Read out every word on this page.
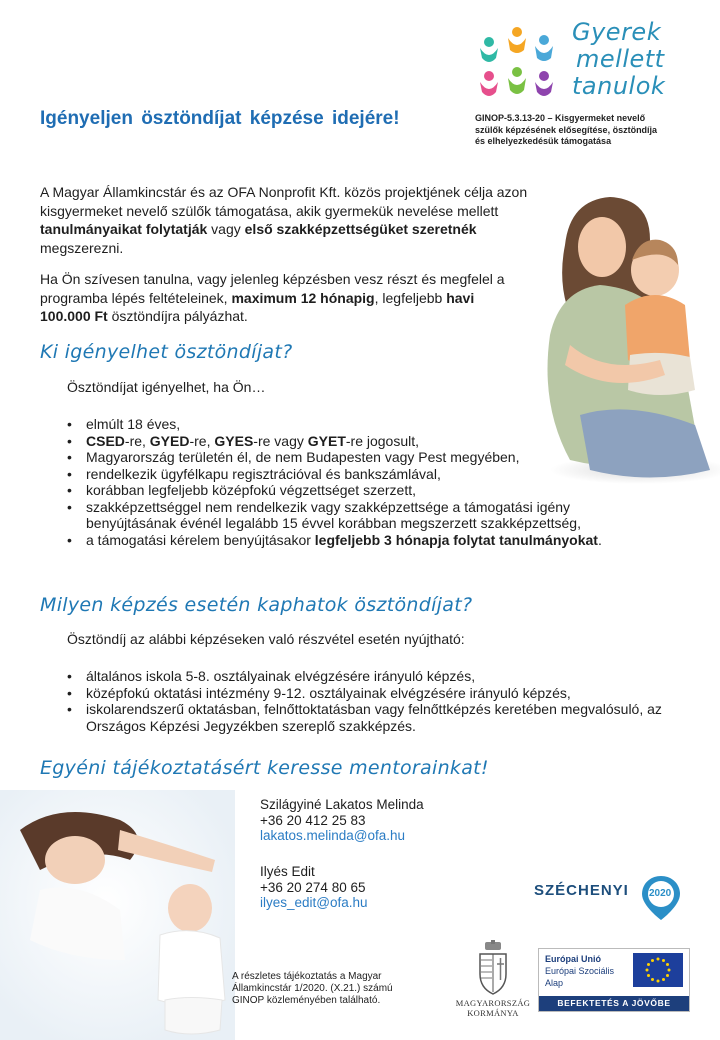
Gyerek
mellett
tanulok
Igényeljen ösztöndíjat képzése idejére!	GINOP-5.3.13-20 – Kisgyermeket nevelő
szülők képzésének elősegítése, ösztöndíja
és elhelyezkedésük támogatása
A Magyar Államkincstár és az OFA Nonprofit Kft. közös projektjének célja azon kisgyermeket nevelő szülők támogatása, akik gyermekük nevelése mellett tanulmányaikat folytatják vagy első szakképzettségüket szeretnék megszerezni.
Ha Ön szívesen tanulna, vagy jelenleg képzésben vesz részt és megfelel a programba lépés feltételeinek, maximum 12 hónapig, legfeljebb havi 100.000 Ft ösztöndíjra pályázhat.
Ki igényelhet ösztöndíjat?
Ösztöndíjat igényelhet, ha Ön…
• elmúlt 18 éves,
• CSED-re, GYED-re, GYES-re vagy GYET-re jogosult,
• Magyarország területén él, de nem Budapesten vagy Pest megyében,
• rendelkezik ügyfélkapu regisztrációval és bankszámlával,
• korábban legfeljebb középfokú végzettséget szerzett,
• szakképzettséggel nem rendelkezik vagy szakképzettsége a támogatási igény benyújtásának événél legalább 15 évvel korábban megszerzett szakképzettség,
• a támogatási kérelem benyújtásakor legfeljebb 3 hónapja folytat tanulmányokat.
Milyen képzés esetén kaphatok ösztöndíjat?
Ösztöndíj az alábbi képzéseken való részvétel esetén nyújtható:
• általános iskola 5-8. osztályainak elvégzésére irányuló képzés,
• középfokú oktatási intézmény 9-12. osztályainak elvégzésére irányuló képzés,
• iskolarendszerű oktatásban, felnőttoktatásban vagy felnőttképzés keretében megvalósuló, az Országos Képzési Jegyzékben szereplő szakképzés.
Egyéni tájékoztatásért keresse mentorainkat!
Szilágyiné Lakatos Melinda
+36 20 412 25 83
lakatos.melinda@ofa.hu
Ilyés Edit
+36 20 274 80 65
ilyes_edit@ofa.hu
A részletes tájékoztatás a Magyar Államkincstár 1/2020. (X.21.) számú GINOP közleményében található.
SZÉCHENYI 2020
MAGYARORSZÁG
KORMÁNYA
Európai Unió
Európai Szociális
Alap
BEFEKTETÉS A JÖVŐBE
